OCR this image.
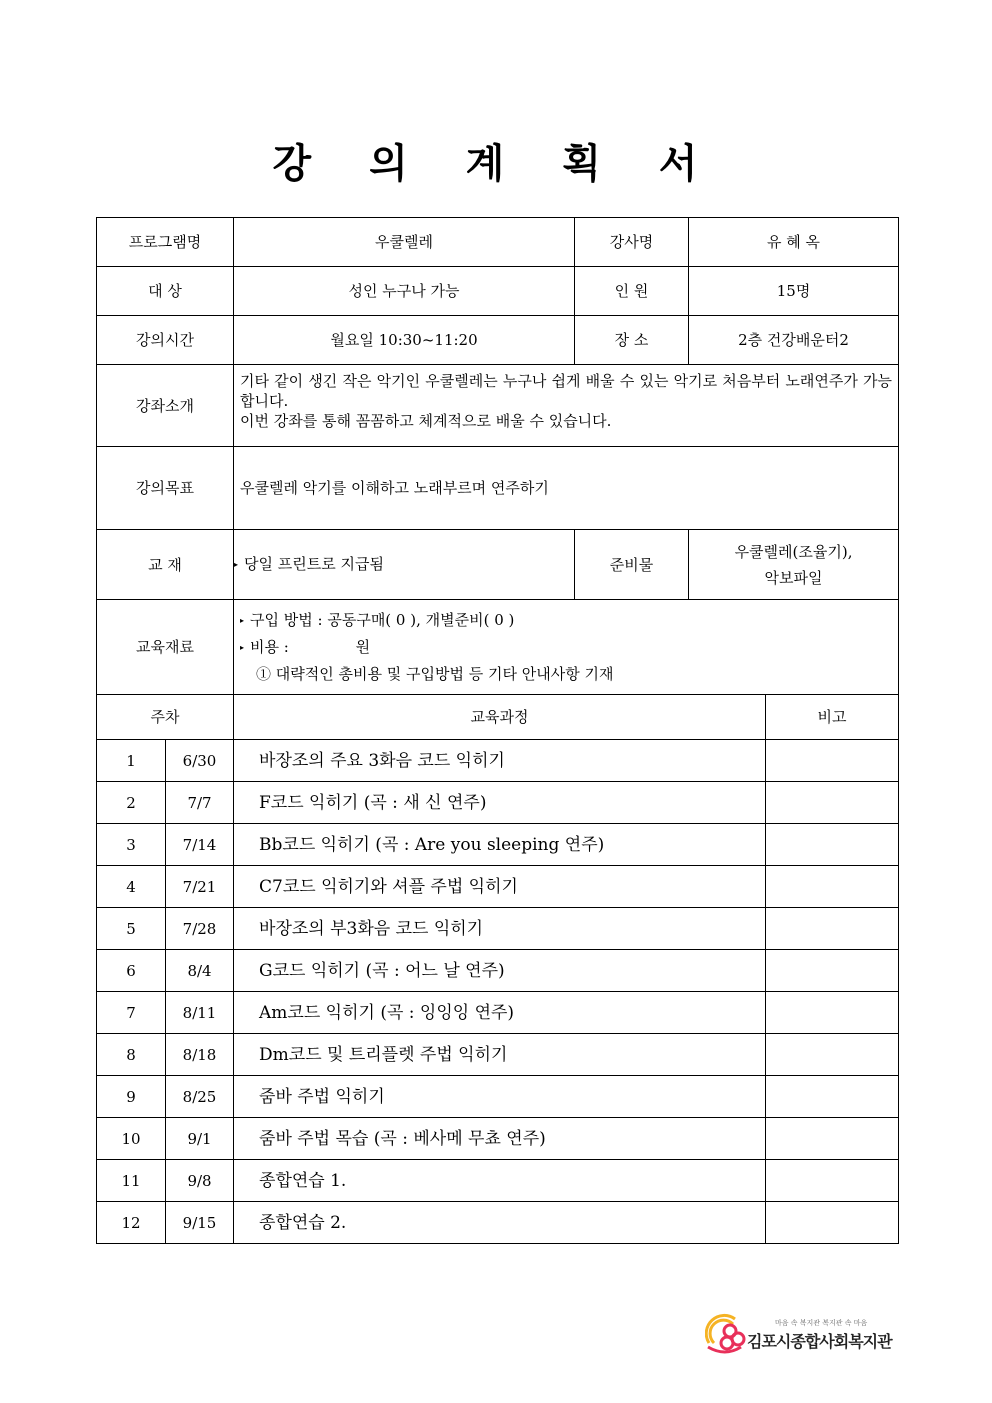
강 의 계 획 서
프로그램명		우쿨렐레	강사명	유 혜 옥	
대 상		성인 누구나 가능	인 원	15명	
강의시간		월요일 10:30~11:20	장 소	2층 건강배운터2	
강좌소개		기타 같이 생긴 작은 악기인 우쿨렐레는 누구나 쉽게 배울 수 있는 악기로 처음부터 노래연주가 가능합니다.
이번 강좌를 통해 꼼꼼하고 체계적으로 배울 수 있습니다.			

강의목표		우쿨렐레 악기를 이해하고 노래부르며 연주하기			
교 재		▸ 당일 프린트로 지급됨	준비물	우쿨렐레(조율기),
악보파일	

교육재료		▸ 구입 방법 : 공동구매( 0 ), 개별준비( 0 )
▸ 비용 :              원
① 대략적인 총비용 및 구입방법 등 기타 안내사항 기재			

주차		교육과정			비고
1	6/30	바장조의 주요 3화음 코드 익히기			
2	7/7	F코드 익히기 (곡 : 새 신 연주)			
3	7/14	Bb코드 익히기 (곡 : Are you sleeping 연주)			
4	7/21	C7코드 익히기와 셔플 주법 익히기			
5	7/28	바장조의 부3화음 코드 익히기			
6	8/4	G코드 익히기 (곡 : 어느 날 연주)			
7	8/11	Am코드 익히기 (곡 : 잉잉잉 연주)			
8	8/18	Dm코드 및 트리플렛 주법 익히기			
9	8/25	줌바 주법 익히기			
10	9/1	줌바 주법 목습 (곡 : 베사메 무쵸 연주)			
11	9/8	종합연습 1.			
12	9/15	종합연습 2.			
마음 속 복지관 복지관 속 마음
김포시종합사회복지관
